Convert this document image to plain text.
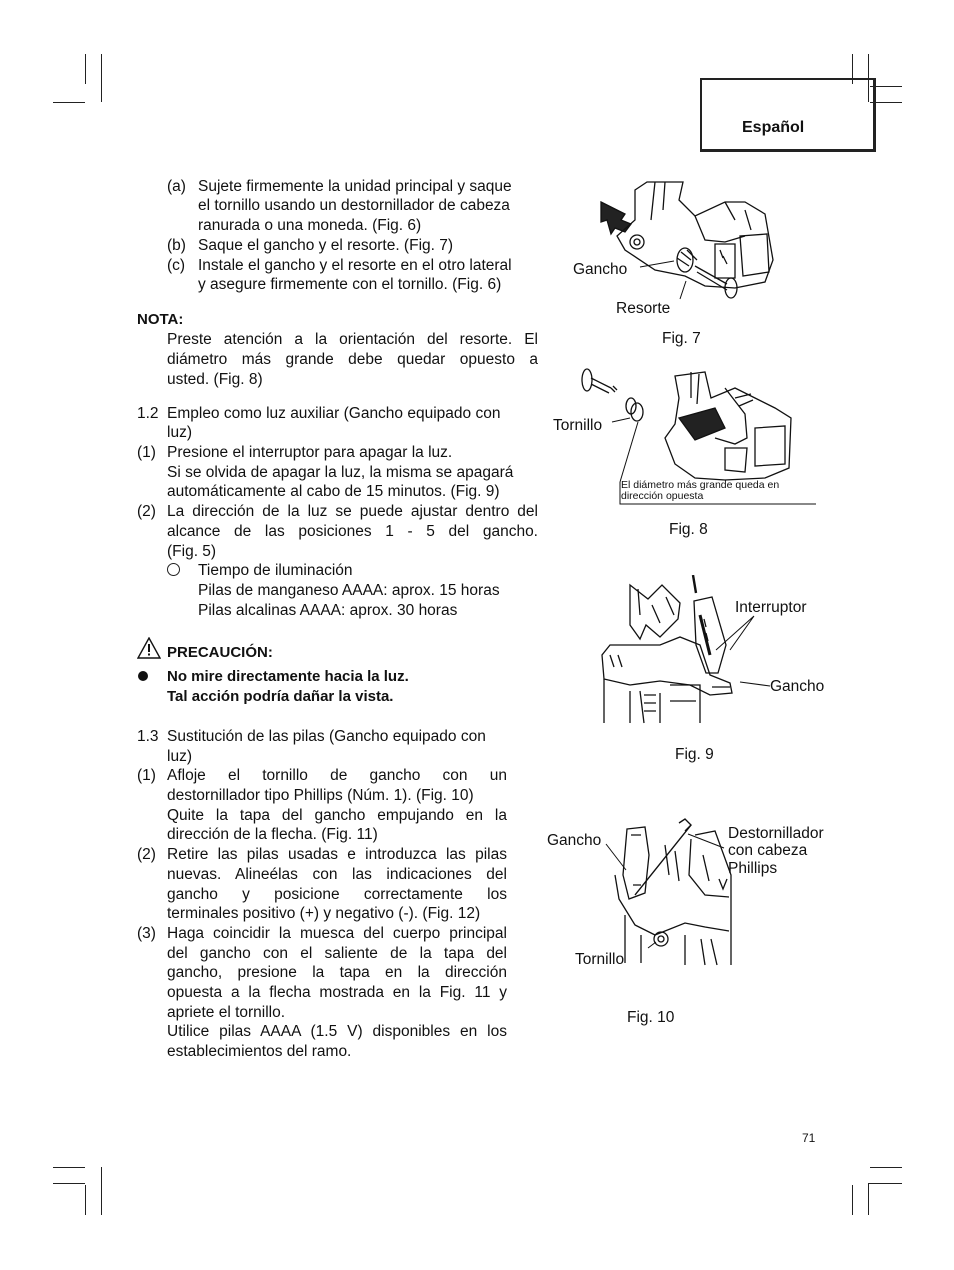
Español
(a) Sujete firmemente la unidad principal y saque
el tornillo usando un destornillador de cabeza
ranurada o una moneda. (Fig. 6)
(b) Saque el gancho y el resorte. (Fig. 7)
(c) Instale el gancho y el resorte en el otro lateral
y asegure firmemente con el tornillo. (Fig. 6)
NOTA:
Preste atención a la orientación del resorte. El
diámetro más grande debe quedar opuesto a
usted. (Fig. 8)
1.2 Empleo como luz auxiliar (Gancho equipado con
luz)
(1) Presione el interruptor para apagar la luz.
Si se olvida de apagar la luz, la misma se apagará
automáticamente al cabo de 15 minutos. (Fig. 9)
(2) La dirección de la luz se puede ajustar dentro del
alcance de las posiciones 1 - 5 del gancho.
(Fig. 5)
Tiempo de iluminación
Pilas de manganeso AAAA: aprox. 15 horas
Pilas alcalinas AAAA: aprox. 30 horas
PRECAUCIÓN:
No mire directamente hacia la luz.
Tal acción podría dañar la vista.
1.3 Sustitución de las pilas (Gancho equipado con
luz)
(1) Afloje el tornillo de gancho con un
destornillador tipo Phillips (Núm. 1). (Fig. 10)
Quite la tapa del gancho empujando en la
dirección de la flecha. (Fig. 11)
(2) Retire las pilas usadas e introduzca las pilas
nuevas. Alineélas con las indicaciones del
gancho y posicione correctamente los
terminales positivo (+) y negativo (-). (Fig. 12)
(3) Haga coincidir la muesca del cuerpo principal
del gancho con el saliente de la tapa del
gancho, presione la tapa en la dirección
opuesta a la flecha mostrada en la Fig. 11 y
apriete el tornillo.
Utilice pilas AAAA (1.5 V) disponibles en los
establecimientos del ramo.
Gancho
Resorte
Fig. 7
Tornillo
El diámetro más grande queda en
dirección opuesta
Fig. 8
Interruptor
Gancho
Fig. 9
Gancho
Tornillo
Destornillador
con cabeza
Phillips
Fig. 10
71
